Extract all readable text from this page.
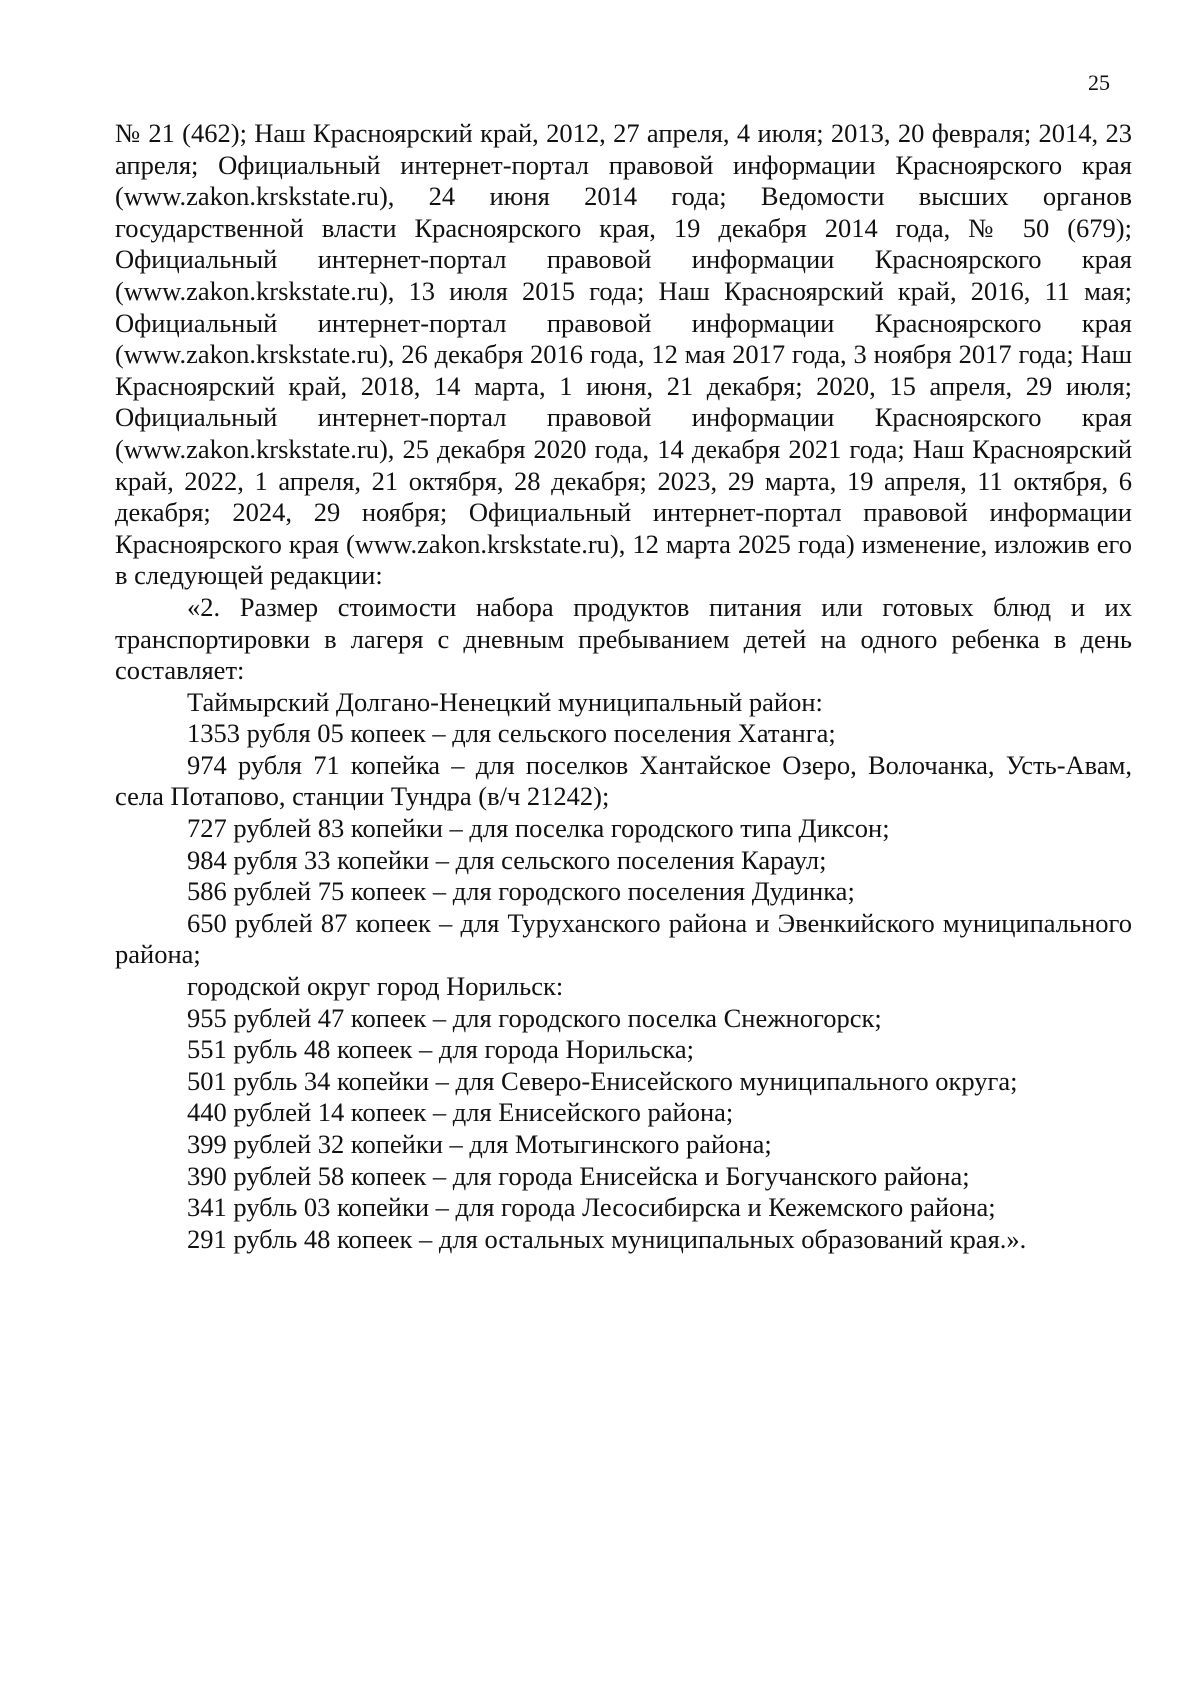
25

№ 21 (462); Наш Красноярский край, 2012, 27 апреля, 4 июля; 2013, 20 февраля; 2014, 23 апреля; Официальный интернет-портал правовой информации Красноярского края (www.zakon.krskstate.ru), 24 июня 2014 года; Ведомости высших органов государственной власти Красноярского края, 19 декабря 2014 года, № 50 (679); Официальный интернет-портал правовой информации Красноярского края (www.zakon.krskstate.ru), 13 июля 2015 года; Наш Красноярский край, 2016, 11 мая; Официальный интернет-портал правовой информации Красноярского края (www.zakon.krskstate.ru), 26 декабря 2016 года, 12 мая 2017 года, 3 ноября 2017 года; Наш Красноярский край, 2018, 14 марта, 1 июня, 21 декабря; 2020, 15 апреля, 29 июля; Официальный интернет-портал правовой информации Красноярского края (www.zakon.krskstate.ru), 25 декабря 2020 года, 14 декабря 2021 года; Наш Красноярский край, 2022, 1 апреля, 21 октября, 28 декабря; 2023, 29 марта, 19 апреля, 11 октября, 6 декабря; 2024, 29 ноября; Официальный интернет-портал правовой информации Красноярского края (www.zakon.krskstate.ru), 12 марта 2025 года) изменение, изложив его в следующей редакции:

«2. Размер стоимости набора продуктов питания или готовых блюд и их транспортировки в лагеря с дневным пребыванием детей на одного ребенка в день составляет:

Таймырский Долгано-Ненецкий муниципальный район:

1353 рубля 05 копеек – для сельского поселения Хатанга;

974 рубля 71 копейка – для поселков Хантайское Озеро, Волочанка, Усть-Авам, села Потапово, станции Тундра (в/ч 21242);

727 рублей 83 копейки – для поселка городского типа Диксон;

984 рубля 33 копейки – для сельского поселения Караул;

586 рублей 75 копеек – для городского поселения Дудинка;

650 рублей 87 копеек – для Туруханского района и Эвенкийского муниципального района;

городской округ город Норильск:

955 рублей 47 копеек – для городского поселка Снежногорск;

551 рубль 48 копеек – для города Норильска;

501 рубль 34 копейки – для Северо-Енисейского муниципального округа;

440 рублей 14 копеек – для Енисейского района;

399 рублей 32 копейки – для Мотыгинского района;

390 рублей 58 копеек – для города Енисейска и Богучанского района;

341 рубль 03 копейки – для города Лесосибирска и Кежемского района;

291 рубль 48 копеек – для остальных муниципальных образований края.».
